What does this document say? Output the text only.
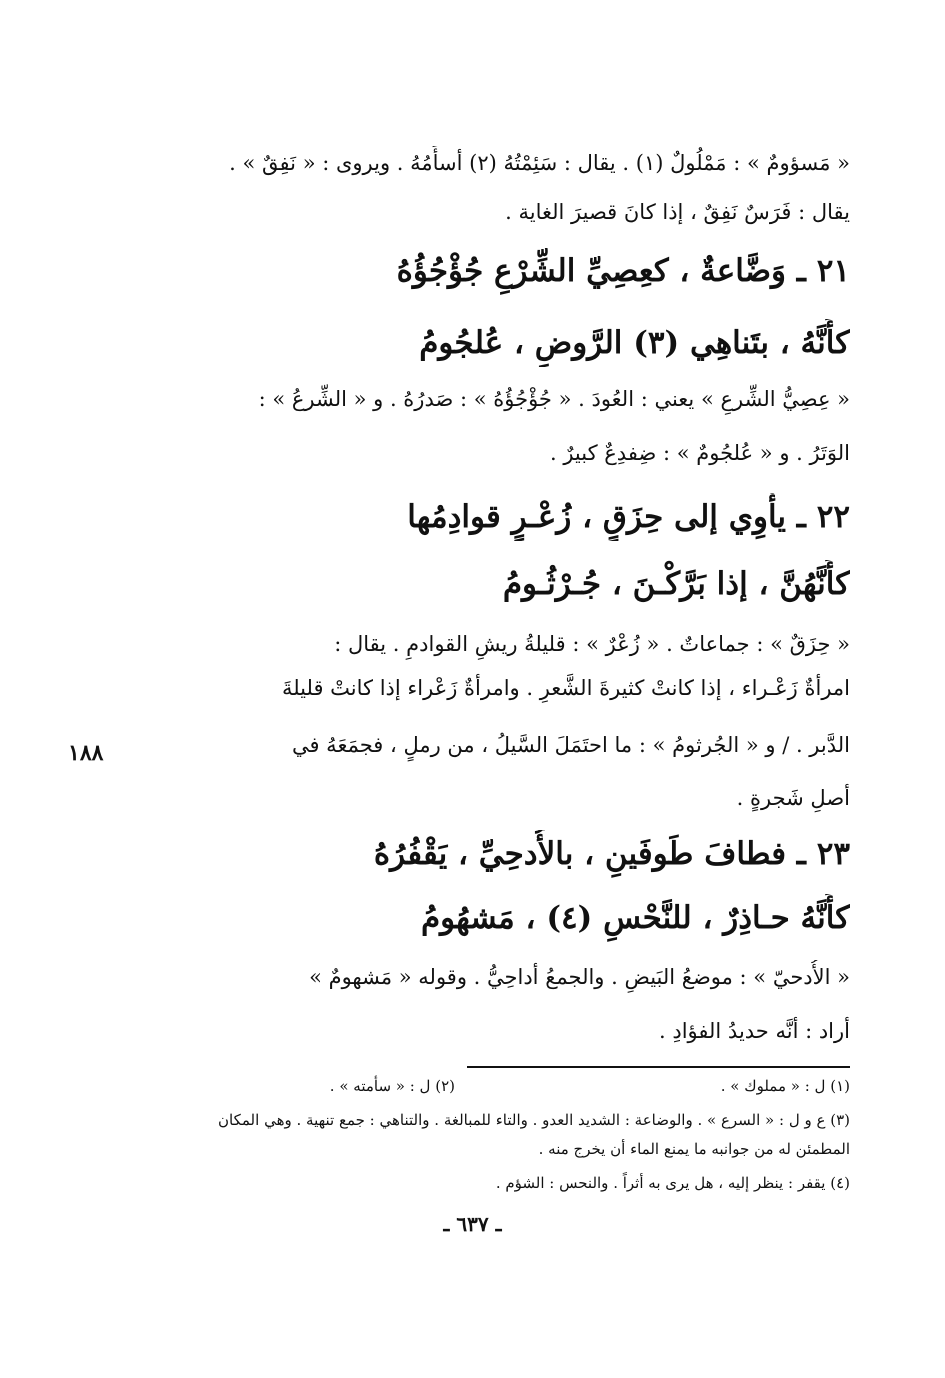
« مَسؤومٌ » : مَمْلُولٌ (١) . يقال : سَئِمْتُهُ (٢) أسأَمُهُ . ويروى : « نَفِقٌ » .
يقال : فَرَسٌ نَفِقٌ ، إذا كانَ قصيرَ الغاية .
٢١ ـ وَضَّاعةٌ ، كعِصِيِّ الشِّرْعِ جُؤْجُؤُهُ
كأَنَّهُ ، بتَناهِي (٣) الرَّوضِ ، عُلجُومُ
« عِصِيُّ الشِّرعِ » يعني : العُودَ . « جُؤْجُؤُهُ » : صَدرُهُ . و « الشِّرعُ » :
الوَتَرُ . و « عُلجُومٌ » : ضِفدِعٌ كبيرٌ .
٢٢ ـ يأْوِي إلى حِزَقٍ ، زُعْـرٍ قوادِمُها
كأَنَّهُنَّ ، إذا بَرَّكْـنَ ، جُـرْثُـومُ
« حِزَقٌ » : جماعاتٌ . « زُعْرٌ » : قليلةُ ريشِ القوادمِ . يقال :
امرأةٌ زَعْـراء ، إذا كانتْ كثيرةَ الشَّعرِ . وامرأةٌ زَعْراء إذا كانتْ قليلةَ
الدَّبر . / و « الجُرثومُ » : ما احتَمَلَ السَّيلُ ، من رملٍ ، فجمَعَهُ في
أصلِ شَجرةٍ .
١٨٨
٢٣ ـ فطافَ طَوفَينِ ، بالأُدحِيِّ ، يَقْفُرُهُ
كأَنَّهُ حـاذِرٌ ، للنَّحْسِ (٤) ، مَشهُومُ
« الأُدحيّ » : موضعُ البَيضِ . والجمعُ أداحِيُّ . وقوله « مَشهومٌ »
أراد : أنَّه حديدُ الفؤادِ .
(١) ل : « مملوك » .
(٢) ل : « سأمته » .
(٣) ع و ل : « السرع » . والوضاعة : الشديد العدو . والتاء للمبالغة . والتناهي : جمع تنهية . وهي المكان
المطمئن له من جوانبه ما يمنع الماء أن يخرج منه .
(٤) يقفر : ينظر إليه ، هل يرى به أثراً . والنحس : الشؤم .
ـ ٦٣٧ ـ
